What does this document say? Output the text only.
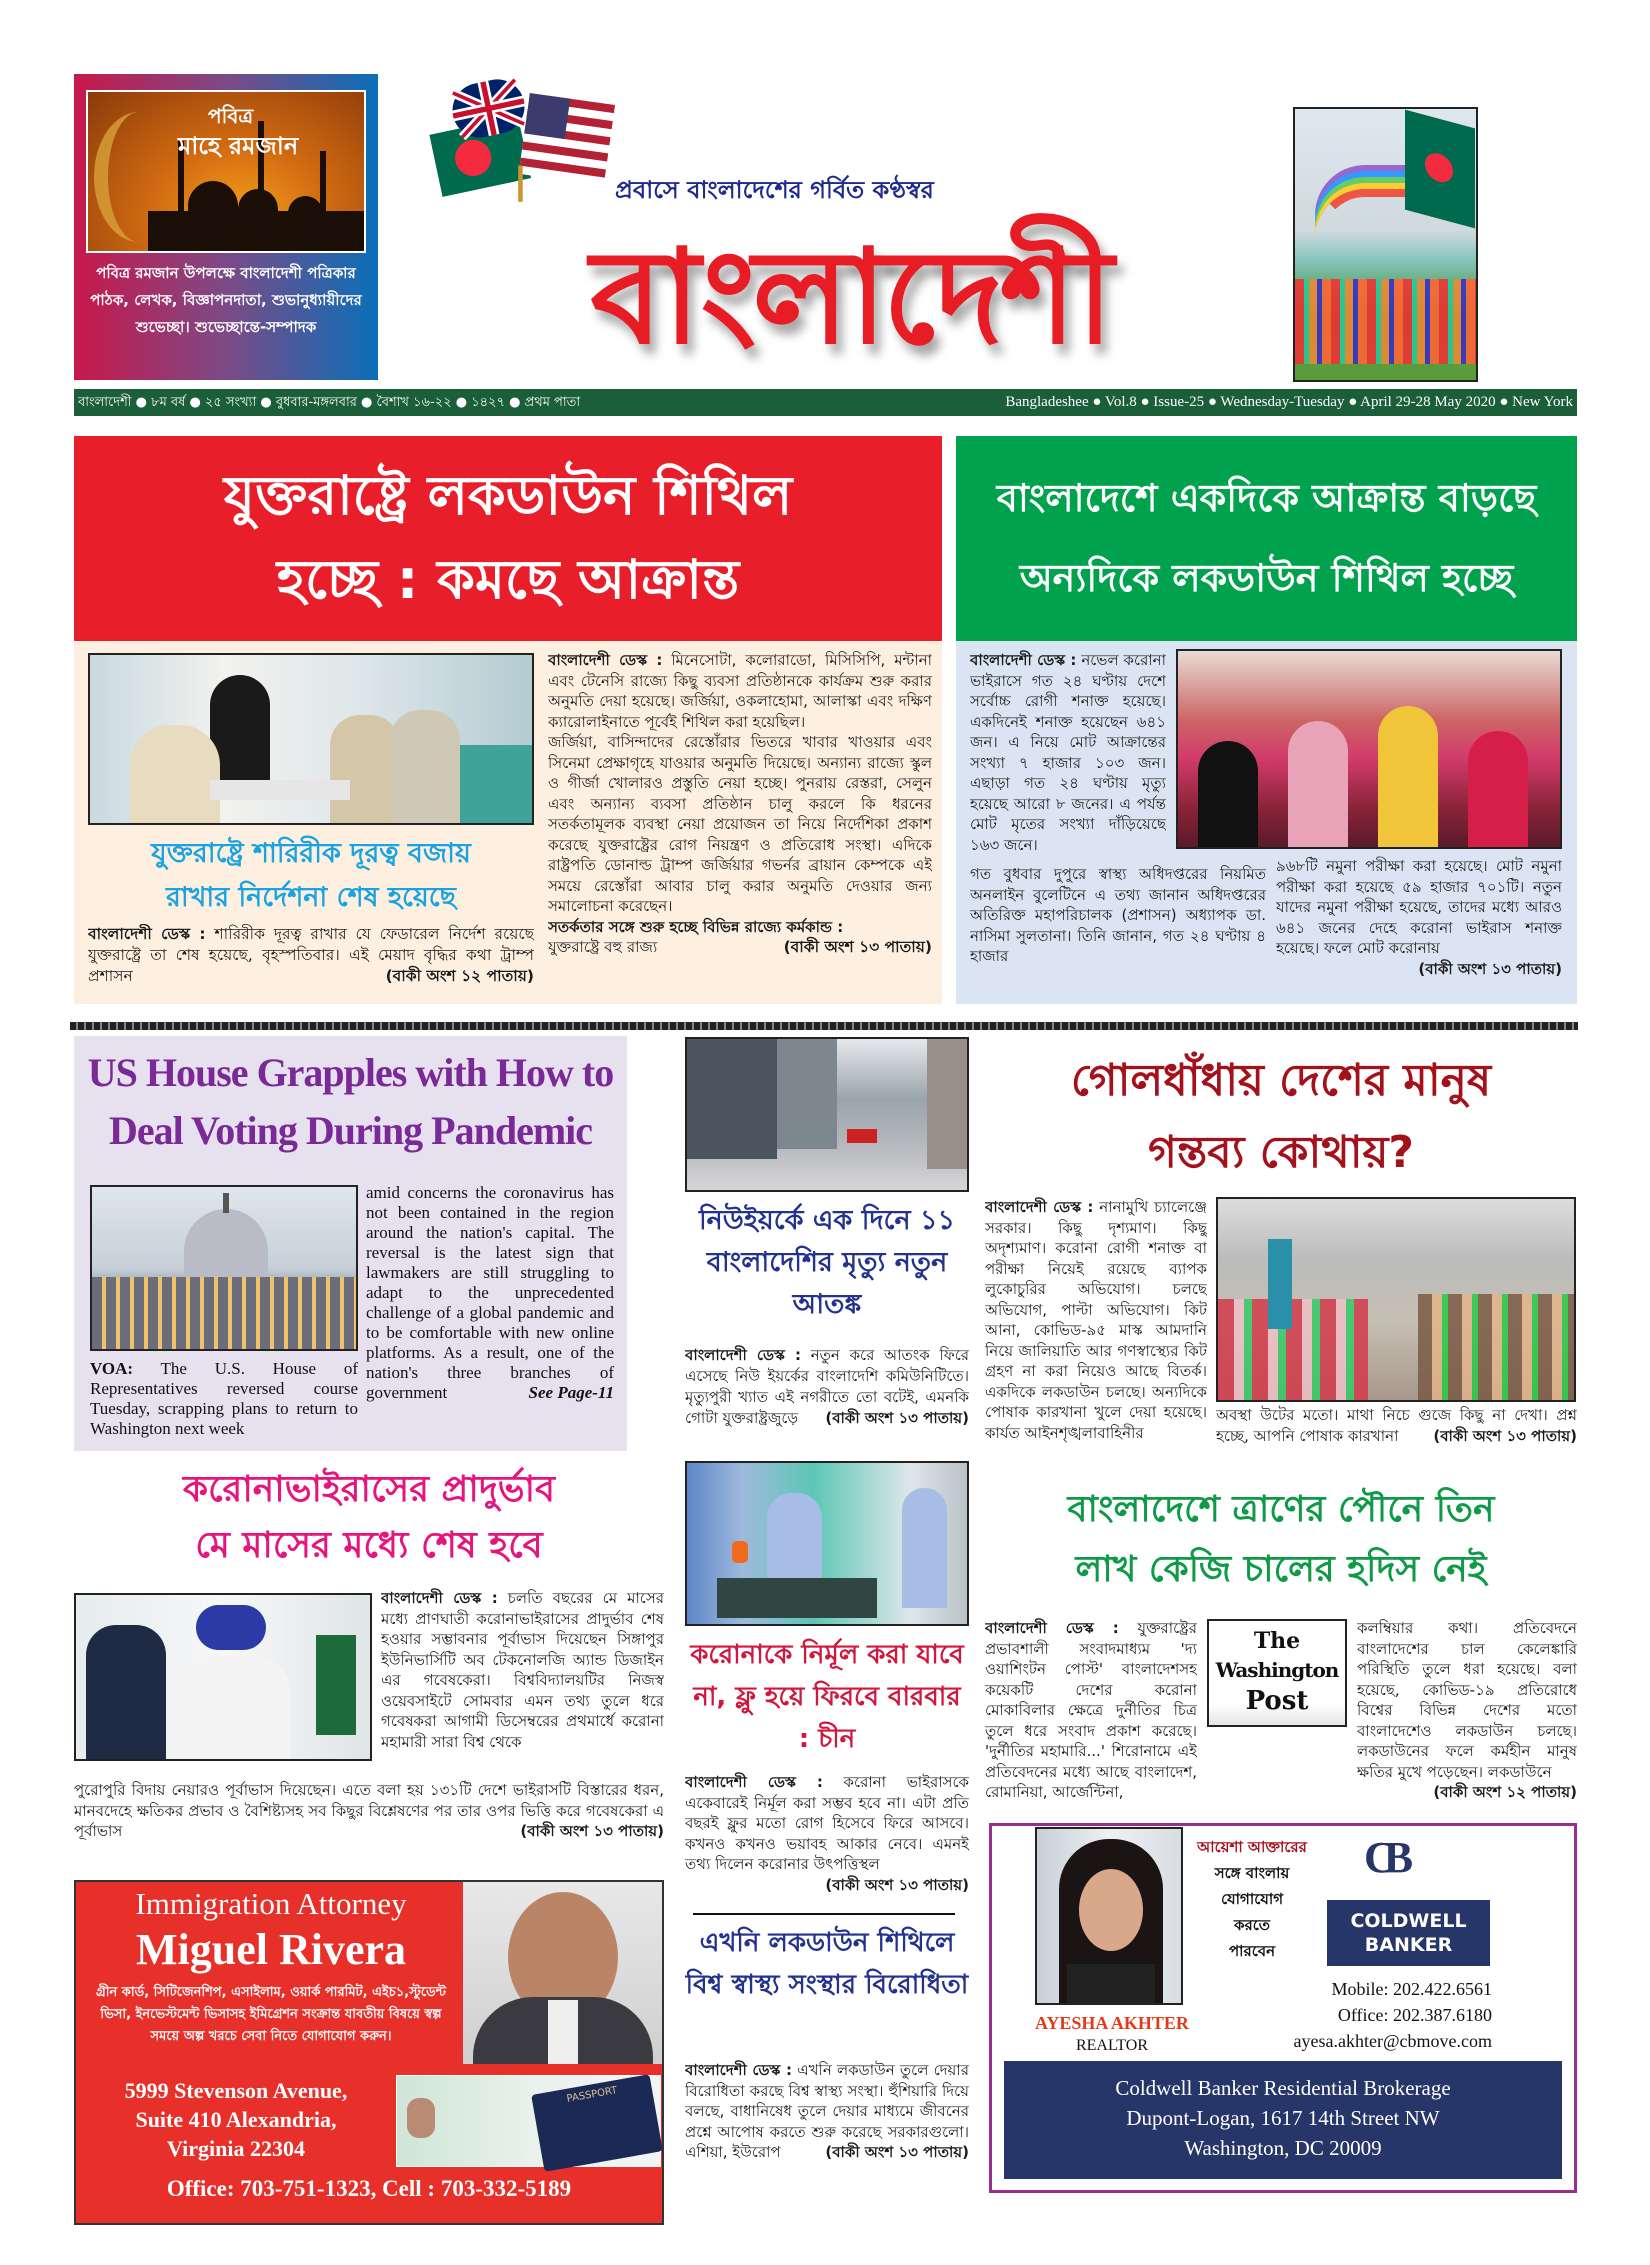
পবিত্র
মাহে রমজান
পবিত্র রমজান উপলক্ষে বাংলাদেশী পত্রিকার পাঠক, লেখক, বিজ্ঞাপনদাতা, শুভানুধ্যায়ীদের শুভেচ্ছা। শুভেচ্ছান্তে-সম্পাদক
প্রবাসে বাংলাদেশের গর্বিত কণ্ঠস্বর
বাংলাদেশী
বাংলাদেশী ● ৮ম বর্ষ ● ২৫ সংখ্যা ● বুধবার-মঙ্গলবার ● বৈশাখ ১৬-২২ ● ১৪২৭ ● প্রথম পাতা	Bangladeshee ● Vol.8 ● Issue-25 ● Wednesday-Tuesday ● April 29-28 May 2020 ● New York
যুক্তরাষ্ট্রে লকডাউন শিথিল
হচ্ছে : কমছে আক্রান্ত
যুক্তরাষ্ট্রে শারিরীক দূরত্ব বজায়
রাখার নির্দেশনা শেষ হয়েছে
বাংলাদেশী ডেস্ক : শারিরীক দূরত্ব রাখার যে ফেডারেল নির্দেশ রয়েছে যুক্তরাষ্ট্রে তা শেষ হয়েছে, বৃহস্পতিবার। এই মেয়াদ বৃদ্ধির কথা ট্রাম্প প্রশাসন	(বাকী অংশ ১২ পাতায়)
বাংলাদেশী ডেস্ক : মিনেসোটা, কলোরাডো, মিসিসিপি, মন্টানা এবং টেনেসি রাজ্যে কিছু ব্যবসা প্রতিষ্ঠানকে কার্যক্রম শুরু করার অনুমতি দেয়া হয়েছে। জর্জিয়া, ওকলাহোমা, আলাস্কা এবং দক্ষিণ ক্যারোলাইনাতে পূর্বেই শিথিল করা হয়েছিল।
জর্জিয়া, বাসিন্দাদের রেস্তোঁরার ভিতরে খাবার খাওয়ার এবং সিনেমা প্রেক্ষাগৃহে যাওয়ার অনুমতি দিয়েছে। অন্যান্য রাজ্যে স্কুল ও গীর্জা খোলারও প্রস্তুতি নেয়া হচ্ছে। পুনরায় রেস্তরা, সেলুন এবং অন্যান্য ব্যবসা প্রতিষ্ঠান চালু করলে কি ধরনের সতর্কতামূলক ব্যবস্থা নেয়া প্রয়োজন তা নিয়ে নির্দেশিকা প্রকাশ করেছে যুক্তরাষ্ট্রের রোগ নিয়ন্ত্রণ ও প্রতিরোধ সংস্থা। এদিকে রাষ্ট্রপতি ডোনাল্ড ট্রাম্প জর্জিয়ার গভর্নর ব্রায়ান কেম্পকে এই সময়ে রেস্তোঁরা আবার চালু করার অনুমতি দেওয়ার জন্য সমালোচনা করেছেন।
সতর্কতার সঙ্গে শুরু হচ্ছে বিভিন্ন রাজ্যে কর্মকান্ড :
যুক্তরাষ্ট্রে বহু রাজ্য	(বাকী অংশ ১৩ পাতায়)
বাংলাদেশে একদিকে আক্রান্ত বাড়ছে
অন্যদিকে লকডাউন শিথিল হচ্ছে
বাংলাদেশী ডেস্ক : নভেল করোনা ভাইরাসে গত ২৪ ঘণ্টায় দেশে সর্বোচ্চ রোগী শনাক্ত হয়েছে। একদিনেই শনাক্ত হয়েছেন ৬৪১ জন। এ নিয়ে মোট আক্রান্তের সংখ্যা ৭ হাজার ১০৩ জন। এছাড়া গত ২৪ ঘণ্টায় মৃত্যু হয়েছে আরো ৮ জনের। এ পর্যন্ত মোট মৃতের সংখ্যা দাঁড়িয়েছে ১৬৩ জনে।
গত বুধবার দুপুরে স্বাস্থ্য অধিদপ্তরের নিয়মিত অনলাইন বুলেটিনে এ তথ্য জানান অধিদপ্তরের অতিরিক্ত মহাপরিচালক (প্রশাসন) অধ্যাপক ডা. নাসিমা সুলতানা। তিনি জানান, গত ২৪ ঘণ্টায় ৪ হাজার
৯৬৮টি নমুনা পরীক্ষা করা হয়েছে। মোট নমুনা পরীক্ষা করা হয়েছে ৫৯ হাজার ৭০১টি। নতুন যাদের নমুনা পরীক্ষা হয়েছে, তাদের মধ্যে আরও ৬৪১ জনের দেহে করোনা ভাইরাস শনাক্ত হয়েছে। ফলে মোট করোনায়
(বাকী অংশ ১৩ পাতায়)
US House Grapples with How to Deal Voting During Pandemic
amid concerns the coronavirus has not been contained in the region around the nation's capital. The reversal is the latest sign that lawmakers are still struggling to adapt to the unprecedented challenge of a global pandemic and to be comfortable with new online platforms. As a result, one of the nation's three branches of government	See Page-11
VOA: The U.S. House of Representatives reversed course Tuesday, scrapping plans to return to Washington next week
নিউইয়র্কে এক দিনে ১১ বাংলাদেশির মৃত্যু নতুন আতঙ্ক
বাংলাদেশী ডেস্ক : নতুন করে আতংক ফিরে এসেছে নিউ ইয়র্কের বাংলাদেশি কমিউনিটিতে। মৃত্যুপুরী খ্যাত এই নগরীতে তো বটেই, এমনকি গোটা যুক্তরাষ্ট্রজুড়ে (বাকী অংশ ১৩ পাতায়)
গোলধাঁধায় দেশের মানুষ
গন্তব্য কোথায়?
বাংলাদেশী ডেস্ক : নানামুখি চ্যালেঞ্জে সরকার। কিছু দৃশ্যমাণ। কিছু অদৃশ্যমাণ। করোনা রোগী শনাক্ত বা পরীক্ষা নিয়েই রয়েছে ব্যাপক লুকোচুরির অভিযোগ। চলছে অভিযোগ, পাল্টা অভিযোগ। কিট আনা, কোভিড-৯৫ মাস্ক আমদানি নিয়ে জালিয়াতি আর গণস্বাস্থ্যের কিট গ্রহণ না করা নিয়েও আছে বিতর্ক। একদিকে লকডাউন চলছে। অন্যদিকে পোষাক কারখানা খুলে দেয়া হয়েছে। কার্যত আইনশৃঙ্খলাবাহিনীর
অবস্থা উটের মতো। মাথা নিচে গুজে কিছু না দেখা। প্রশ্ন হচ্ছে, আপনি পোষাক কারখানা (বাকী অংশ ১৩ পাতায়)
করোনাভাইরাসের প্রাদুর্ভাব
মে মাসের মধ্যে শেষ হবে
বাংলাদেশী ডেস্ক : চলতি বছরের মে মাসের মধ্যে প্রাণঘাতী করোনাভাইরাসের প্রাদুর্ভাব শেষ হওয়ার সম্ভাবনার পূর্বাভাস দিয়েছেন সিঙ্গাপুর ইউনিভার্সিটি অব টেকনোলজি অ্যান্ড ডিজাইন এর গবেষকেরা। বিশ্ববিদ্যালয়টির নিজস্ব ওয়েবসাইটে সোমবার এমন তথ্য তুলে ধরে গবেষকরা আগামী ডিসেম্বরের প্রথমার্ধে করোনা মহামারী সারা বিশ্ব থেকে
পুরোপুরি বিদায় নেয়ারও পূর্বাভাস দিয়েছেন। এতে বলা হয় ১৩১টি দেশে ভাইরাসটি বিস্তারের ধরন, মানবদেহে ক্ষতিকর প্রভাব ও বৈশিষ্ট্যসহ সব কিছুর বিশ্লেষণের পর তার ওপর ভিত্তি করে গবেষকেরা এ পূর্বাভাস	(বাকী অংশ ১৩ পাতায়)
করোনাকে নির্মূল করা যাবে না, ফ্লু হয়ে ফিরবে বারবার : চীন
বাংলাদেশী ডেস্ক : করোনা ভাইরাসকে একেবারেই নির্মূল করা সম্ভব হবে না। এটা প্রতি বছরই ফ্লুর মতো রোগ হিসেবে ফিরে আসবে। কখনও কখনও ভয়াবহ আকার নেবে। এমনই তথ্য দিলেন করোনার উৎপত্তিস্থল
(বাকী অংশ ১৩ পাতায়)
এখনি লকডাউন শিথিলে বিশ্ব স্বাস্থ্য সংস্থার বিরোধিতা
বাংলাদেশী ডেস্ক : এখনি লকডাউন তুলে দেয়ার বিরোধিতা করছে বিশ্ব স্বাস্থ্য সংস্থা। হুঁশিয়ারি দিয়ে বলছে, বাধানিষেধ তুলে দেয়ার মাধ্যমে জীবনের প্রশ্নে আপোষ করতে শুরু করেছে সরকারগুলো। এশিয়া, ইউরোপ	(বাকী অংশ ১৩ পাতায়)
বাংলাদেশে ত্রাণের পৌনে তিন
লাখ কেজি চালের হদিস নেই
The
Washington
Post
বাংলাদেশী ডেস্ক : যুক্তরাষ্ট্রের প্রভাবশালী সংবাদমাধ্যম 'দ্য ওয়াশিংটন পোস্ট' বাংলাদেশসহ কয়েকটি দেশের করোনা মোকাবিলার ক্ষেত্রে দুর্নীতির চিত্র তুলে ধরে সংবাদ প্রকাশ করেছে। 'দুর্নীতির মহামারি...' শিরোনামে এই প্রতিবেদনের মধ্যে আছে বাংলাদেশ, রোমানিয়া, আর্জেন্টিনা,
কলম্বিয়ার কথা। প্রতিবেদনে বাংলাদেশের চাল কেলেঙ্কারি পরিস্থিতি তুলে ধরা হয়েছে। বলা হয়েছে, কোভিড-১৯ প্রতিরোধে বিশ্বের বিভিন্ন দেশের মতো বাংলাদেশেও লকডাউন চলছে। লকডাউনের ফলে কর্মহীন মানুষ ক্ষতির মুখে পড়েছেন। লকডাউনে
(বাকী অংশ ১২ পাতায়)
Immigration Attorney
Miguel Rivera
গ্রীন কার্ড, সিটিজেনশিপ, এসাইলাম, ওয়ার্ক পারমিট, এইচ১,স্টুডেন্ট ভিসা, ইনভেস্টমেন্ট ভিসাসহ ইমিগ্রেশন সংক্রান্ত যাবতীয় বিষয়ে স্বল্প সময়ে অল্প খরচে সেবা নিতে যোগাযোগ করুন।
PASSPORT
5999 Stevenson Avenue,
Suite 410 Alexandria,
Virginia 22304
Office: 703-751-1323, Cell : 703-332-5189
AYESHA AKHTER
REALTOR
আয়েশা আক্তারের
সঙ্গে বাংলায়
যোগাযোগ
করতে
পারবেন
CB
COLDWELL
BANKER
Mobile: 202.422.6561
Office: 202.387.6180
ayesa.akhter@cbmove.com
Coldwell Banker Residential Brokerage
Dupont-Logan, 1617 14th Street NW
Washington, DC 20009
